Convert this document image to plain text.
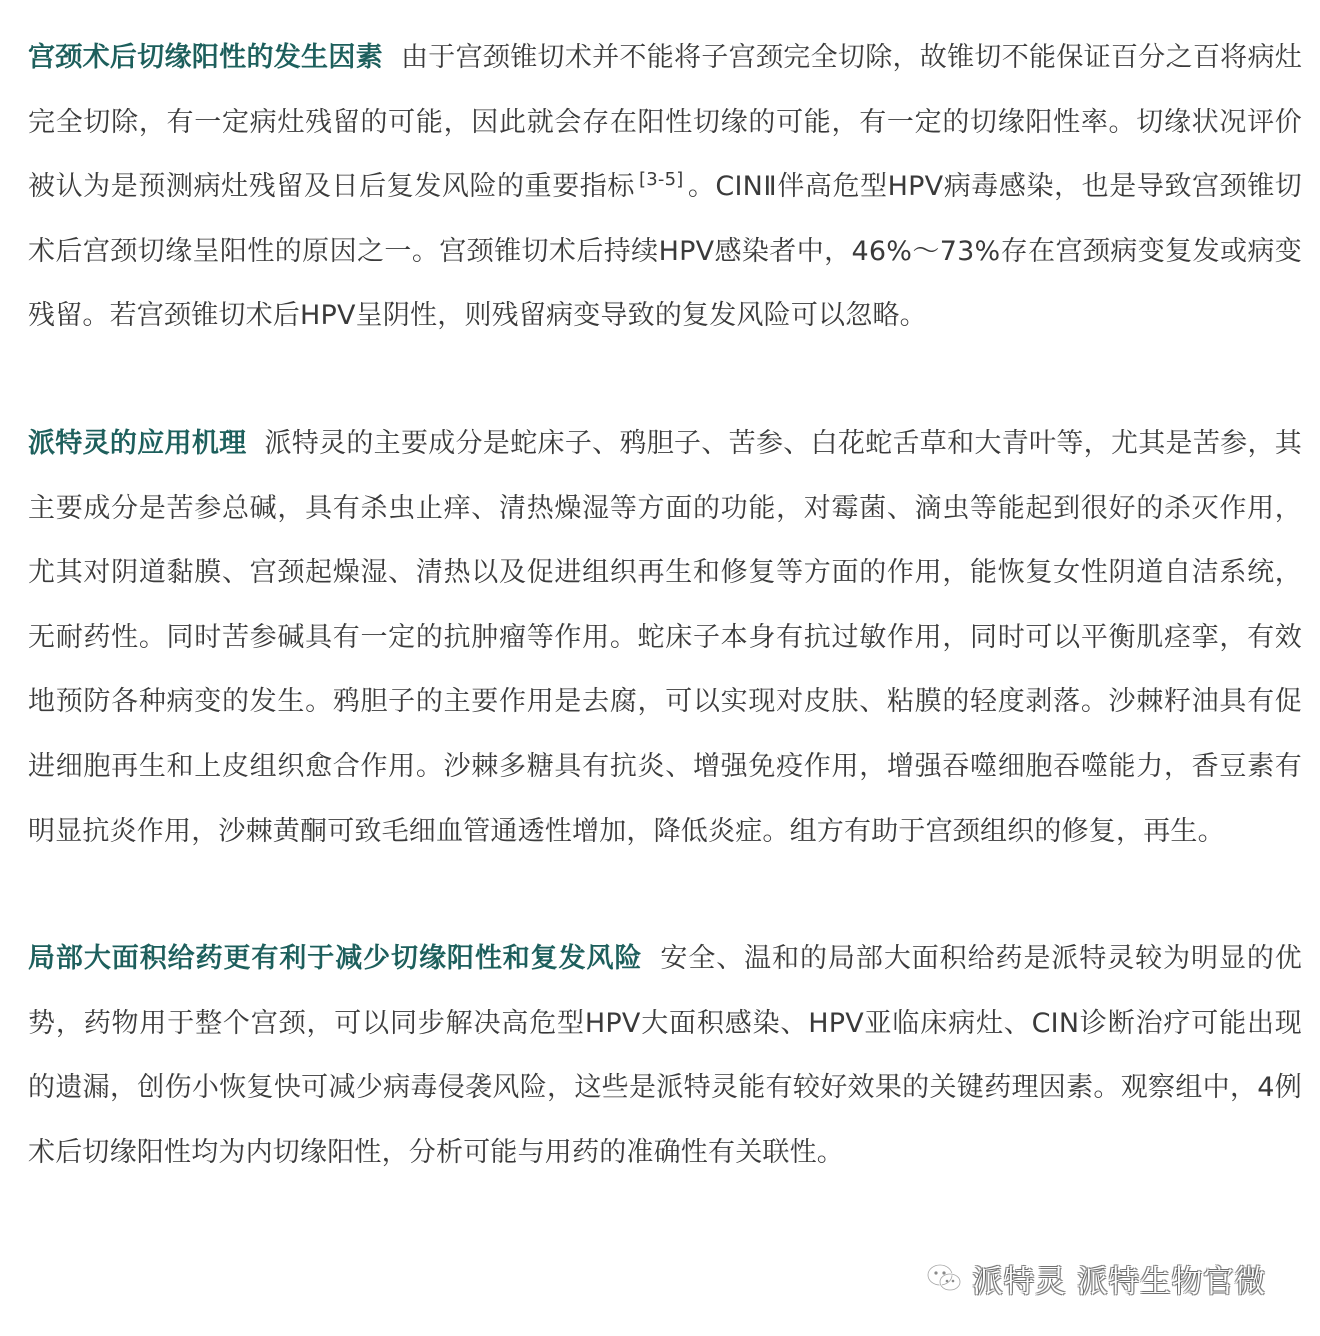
宫颈术后切缘阳性的发生因素 由于宫颈锥切术并不能将子宫颈完全切除，故锥切不能保证百分之百将病灶完全切除，有一定病灶残留的可能，因此就会存在阳性切缘的可能，有一定的切缘阳性率。切缘状况评价被认为是预测病灶残留及日后复发风险的重要指标 [3-5] 。CINⅡ伴高危型HPV病毒感染，也是导致宫颈锥切术后宫颈切缘呈阳性的原因之一。宫颈锥切术后持续HPV感染者中，46%～73%存在宫颈病变复发或病变残留。若宫颈锥切术后HPV呈阴性，则残留病变导致的复发风险可以忽略。

派特灵的应用机理 派特灵的主要成分是蛇床子、鸦胆子、苦参、白花蛇舌草和大青叶等，尤其是苦参，其主要成分是苦参总碱，具有杀虫止痒、清热燥湿等方面的功能，对霉菌、滴虫等能起到很好的杀灭作用，尤其对阴道黏膜、宫颈起燥湿、清热以及促进组织再生和修复等方面的作用，能恢复女性阴道自洁系统，无耐药性。同时苦参碱具有一定的抗肿瘤等作用。蛇床子本身有抗过敏作用，同时可以平衡肌痉挛，有效地预防各种病变的发生。鸦胆子的主要作用是去腐，可以实现对皮肤、粘膜的轻度剥落。沙棘籽油具有促进细胞再生和上皮组织愈合作用。沙棘多糖具有抗炎、增强免疫作用，增强吞噬细胞吞噬能力，香豆素有明显抗炎作用，沙棘黄酮可致毛细血管通透性增加，降低炎症。组方有助于宫颈组织的修复，再生。

局部大面积给药更有利于减少切缘阳性和复发风险 安全、温和的局部大面积给药是派特灵较为明显的优势，药物用于整个宫颈，可以同步解决高危型HPV大面积感染、HPV亚临床病灶、CIN诊断治疗可能出现的遗漏，创伤小恢复快可减少病毒侵袭风险，这些是派特灵能有较好效果的关键药理因素。观察组中，4例术后切缘阳性均为内切缘阳性，分析可能与用药的准确性有关联性。

派特灵 派特生物官微
